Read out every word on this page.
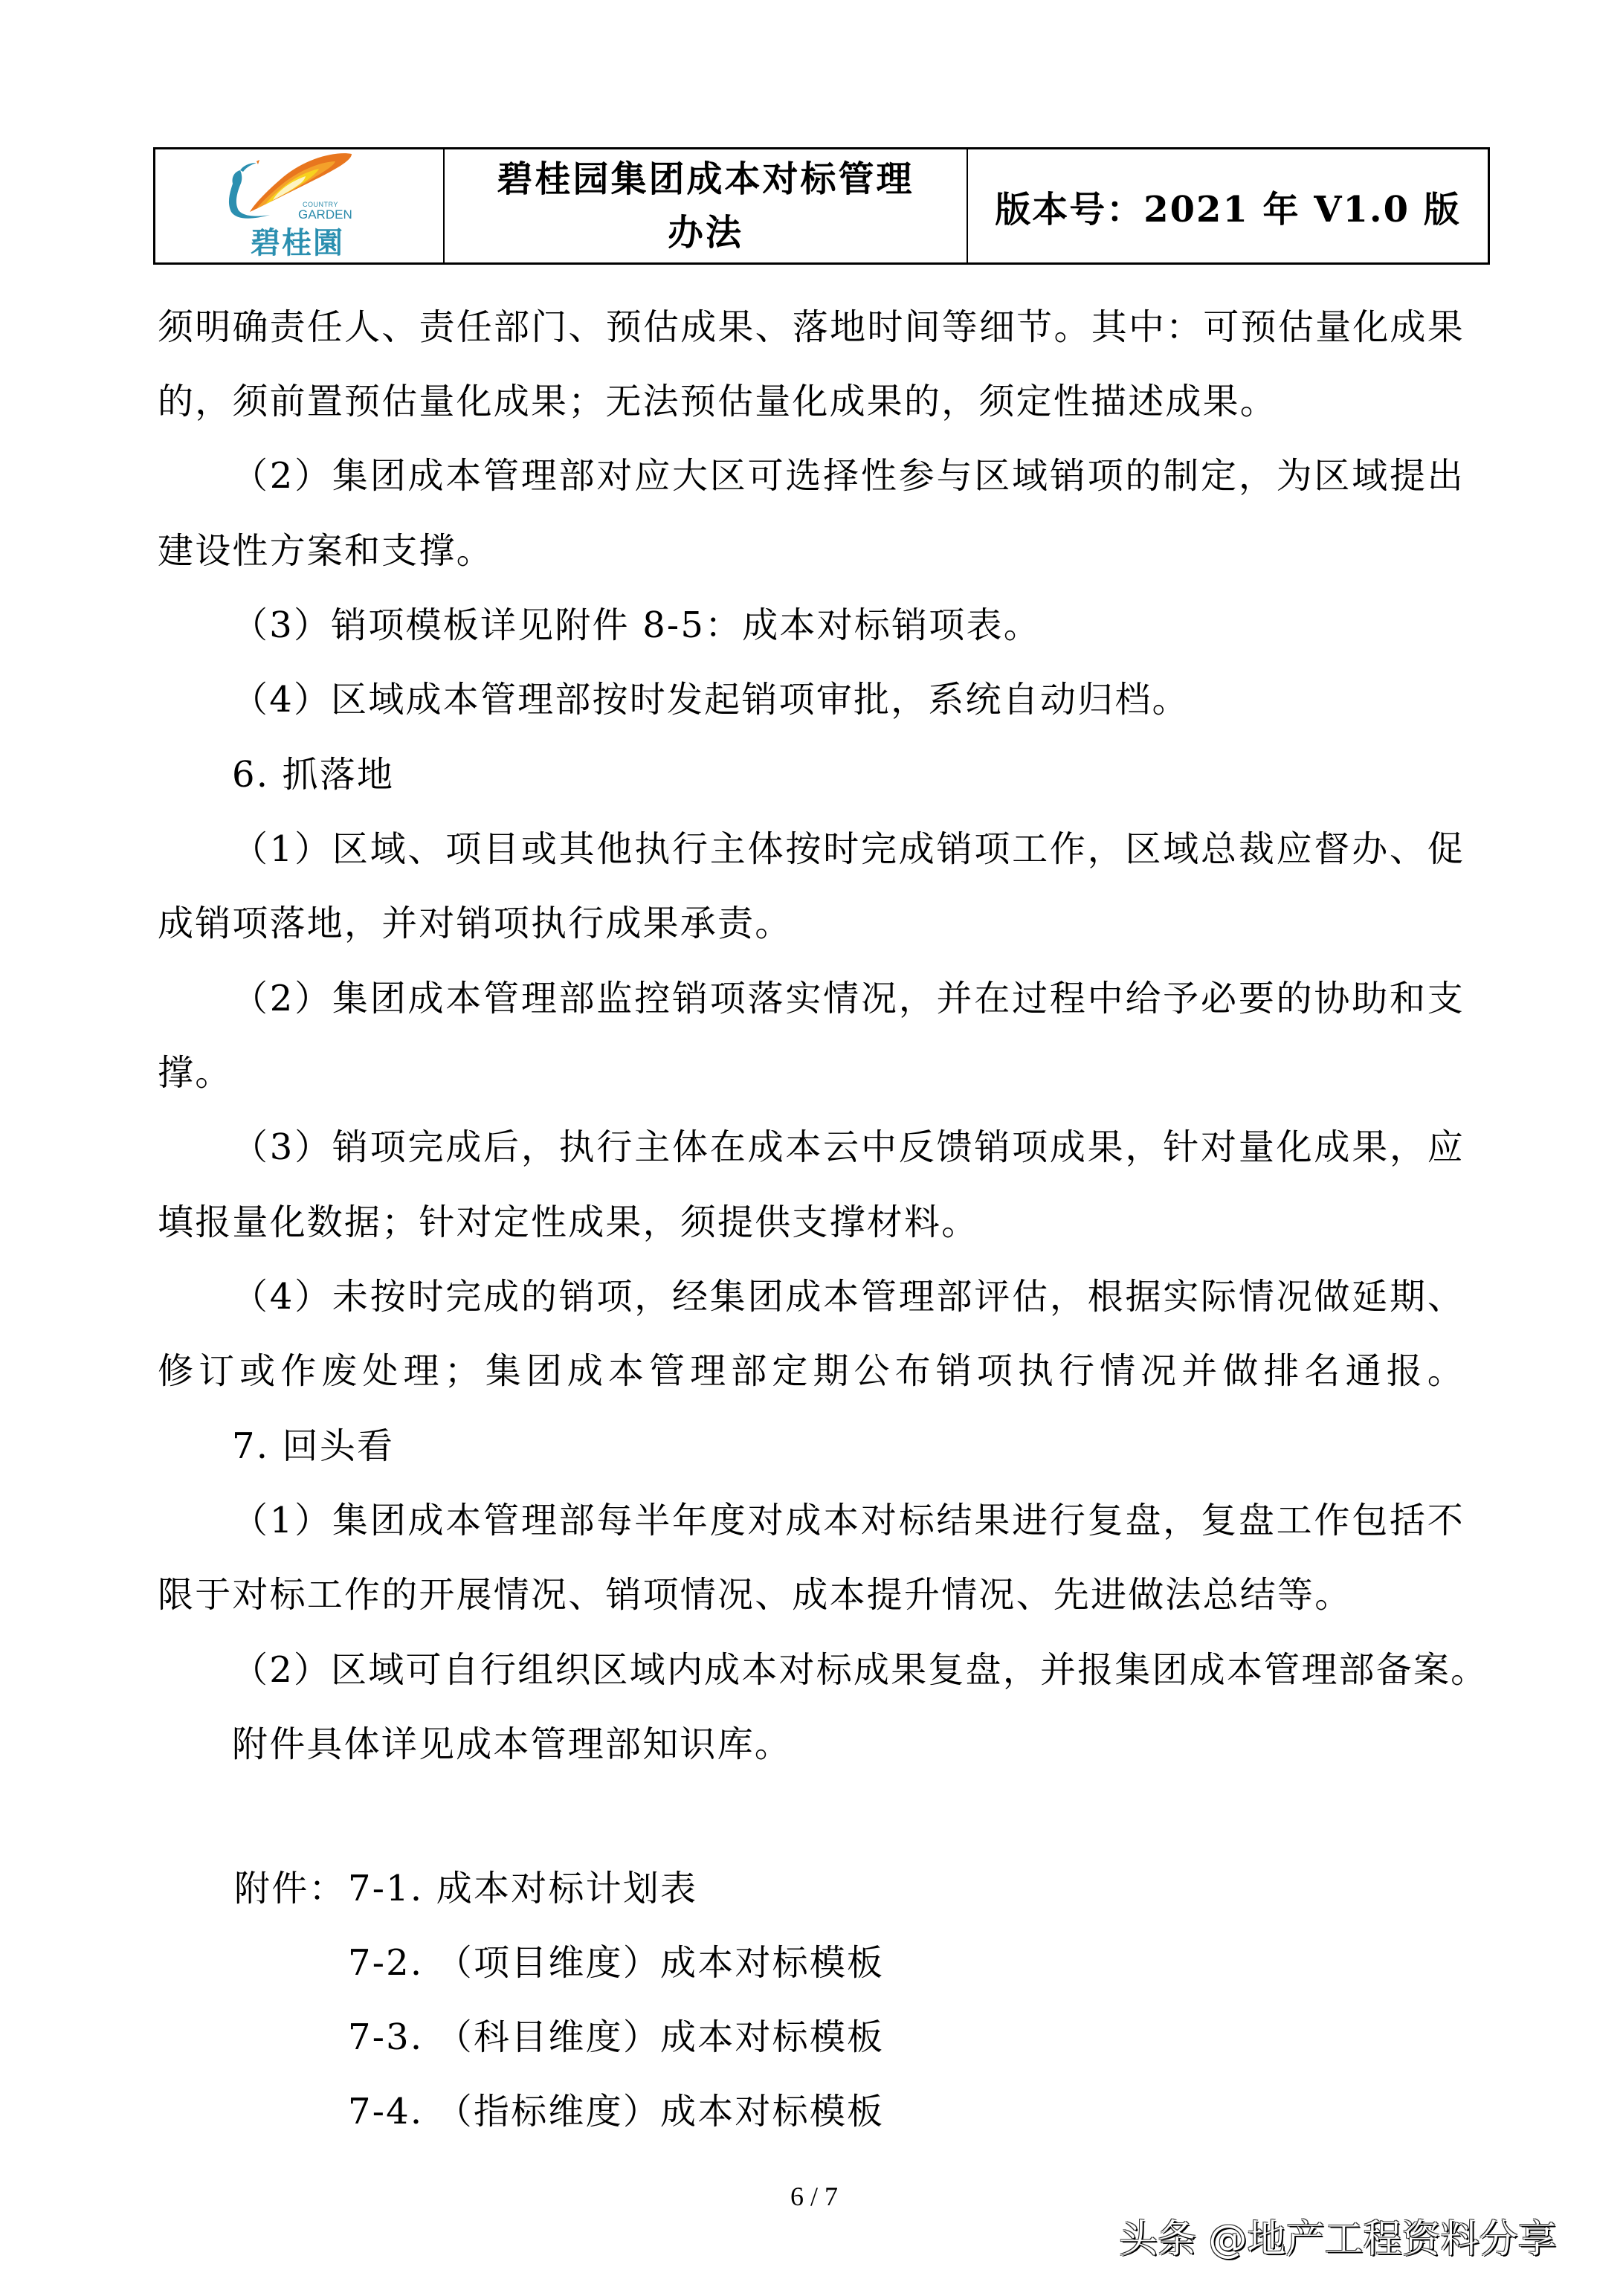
COUNTRY
GARDEN
碧桂園
碧桂园集团成本对标管理
办法
版本号：2021 年 V1.0 版
须明确责任人、责任部门、预估成果、落地时间等细节。其中：可预估量化成果
的，须前置预估量化成果；无法预估量化成果的，须定性描述成果。
（2）集团成本管理部对应大区可选择性参与区域销项的制定，为区域提出
建设性方案和支撑。
（3）销项模板详见附件 8-5：成本对标销项表。
（4）区域成本管理部按时发起销项审批，系统自动归档。
6. 抓落地
（1）区域、项目或其他执行主体按时完成销项工作，区域总裁应督办、促
成销项落地，并对销项执行成果承责。
（2）集团成本管理部监控销项落实情况，并在过程中给予必要的协助和支
撑。
（3）销项完成后，执行主体在成本云中反馈销项成果，针对量化成果，应
填报量化数据；针对定性成果，须提供支撑材料。
（4）未按时完成的销项，经集团成本管理部评估，根据实际情况做延期、
修订或作废处理；集团成本管理部定期公布销项执行情况并做排名通报。
7. 回头看
（1）集团成本管理部每半年度对成本对标结果进行复盘，复盘工作包括不
限于对标工作的开展情况、销项情况、成本提升情况、先进做法总结等。
（2）区域可自行组织区域内成本对标成果复盘，并报集团成本管理部备案。
附件具体详见成本管理部知识库。
附件： 7-1. 成本对标计划表
7-2. （项目维度）成本对标模板
7-3. （科目维度）成本对标模板
7-4. （指标维度）成本对标模板
6 / 7
头条 @地产工程资料分享
